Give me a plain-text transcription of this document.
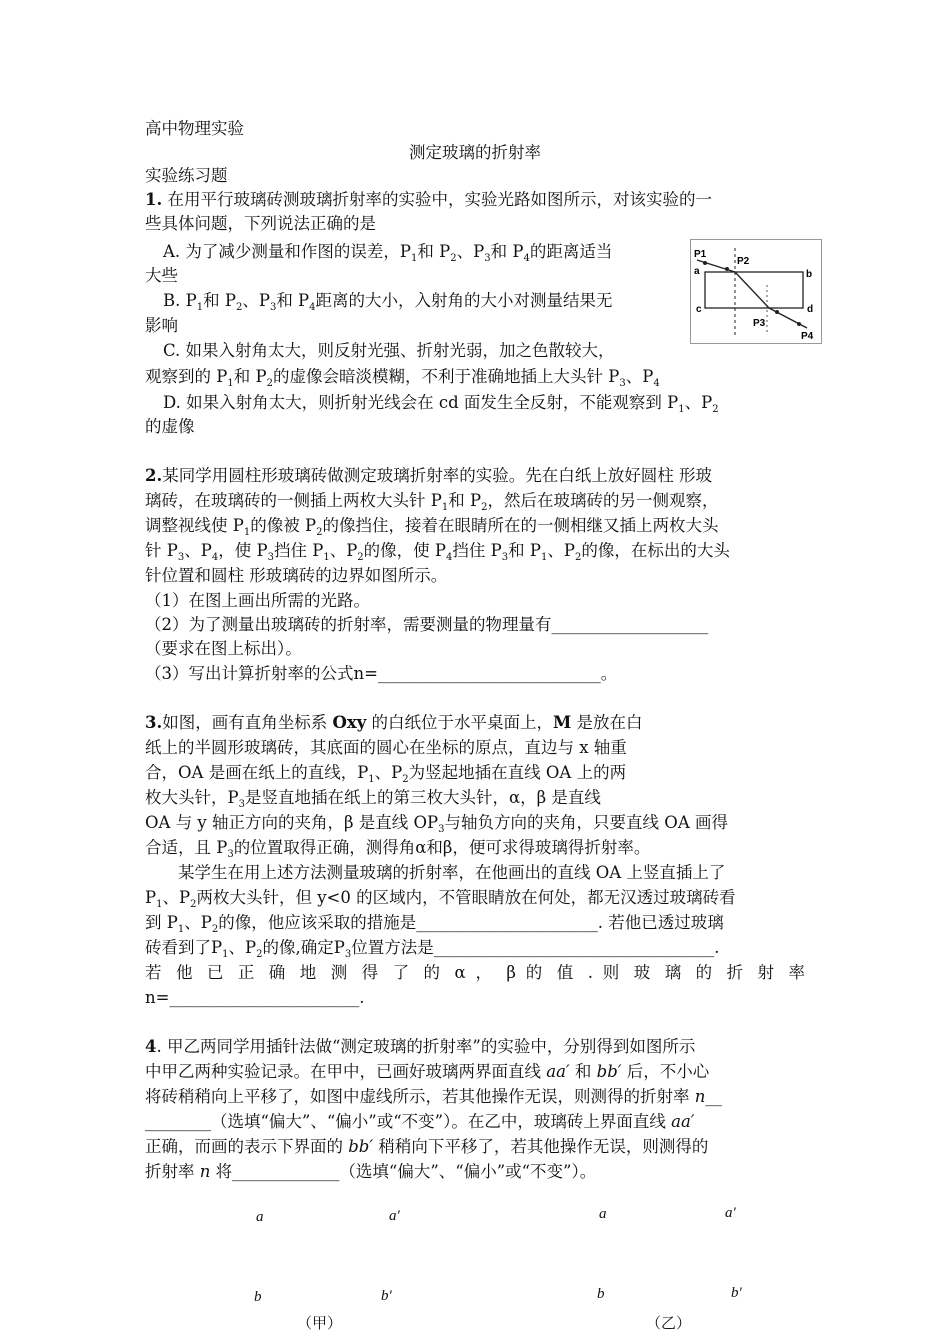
高中物理实验
测定玻璃的折射率
实验练习题
1. 在用平行玻璃砖测玻璃折射率的实验中，实验光路如图所示，对该实验的一
些具体问题，下列说法正确的是
A. 为了减少测量和作图的误差，$P_1$和 $P_2$、$P_3$和 $P_4$的距离适当
大些
B. $P_1$和 $P_2$、$P_3$和 $P_4$距离的大小，入射角的大小对测量结果无
影响
C. 如果入射角太大，则反射光强、折射光弱，加之色散较大，
观察到的 $P_1$和 $P_2$的虚像会暗淡模糊，不利于准确地插上大头针 $P_3$、$P_4$
D. 如果入射角太大，则折射光线会在 cd 面发生全反射，不能观察到 $P_1$、$P_2$
的虚像
P1
P2
a	b
c	d
P3
P4
2.某同学用圆柱形玻璃砖做测定玻璃折射率的实验。先在白纸上放好圆柱 形玻
璃砖，在玻璃砖的一侧插上两枚大头针 $P_1$和 $P_2$，然后在玻璃砖的另一侧观察，
调整视线使 $P_1$的像被 $P_2$的像挡住，接着在眼睛所在的一侧相继又插上两枚大头
针 $P_3$、$P_4$，使 $P_3$挡住 $P_1$、$P_2$的像，使 $P_4$挡住 $P_3$和 $P_1$、$P_2$的像，在标出的大头
针位置和圆柱 形玻璃砖的边界如图所示。
（1）在图上画出所需的光路。
（2）为了测量出玻璃砖的折射率，需要测量的物理量有___________________
（要求在图上标出）。
（3）写出计算折射率的公式n=___________________________。
3.如图，画有直角坐标系 Oxy 的白纸位于水平桌面上，M 是放在白
纸上的半圆形玻璃砖，其底面的圆心在坐标的原点，直边与 x 轴重
合，OA 是画在纸上的直线，$P_1$、$P_2$为竖起地插在直线 OA 上的两
枚大头针，$P_3$是竖直地插在纸上的第三枚大头针，α，β 是直线
OA 与 y 轴正方向的夹角，β 是直线 $OP_3$与轴负方向的夹角，只要直线 OA 画得
合适，且 $P_3$的位置取得正确，测得角α和β，便可求得玻璃得折射率。
某学生在用上述方法测量玻璃的折射率，在他画出的直线 OA 上竖直插上了
$P_1$、$P_2$两枚大头针，但 y<0 的区域内，不管眼睛放在何处，都无汉透过玻璃砖看
到 $P_1$、$P_2$的像，他应该采取的措施是______________________. 若他已透过玻璃
砖看到了$P_1$、$P_2$的像,确定$P_3$位置方法是__________________________________.
若 他 已 正 确 地 测 得 了 的 α ， β 的 值 . 则 玻 璃 的 折 射 率
n=_______________________.
4. 甲乙两同学用插针法做“测定玻璃的折射率”的实验中，分别得到如图所示
中甲乙两种实验记录。在甲中，已画好玻璃两界面直线 aa′ 和 bb′ 后，不小心
将砖稍稍向上平移了，如图中虚线所示，若其他操作无误，则测得的折射率 n__
________（选填“偏大”、“偏小”或“不变”）。在乙中，玻璃砖上界面直线 aa′
正确，而画的表示下界面的 bb′ 稍稍向下平移了，若其他操作无误，则测得的
折射率 n 将_____________（选填“偏大”、“偏小”或“不变”）。
a	a′
b	b′
（甲）
a	a′
b	b′
（乙）
